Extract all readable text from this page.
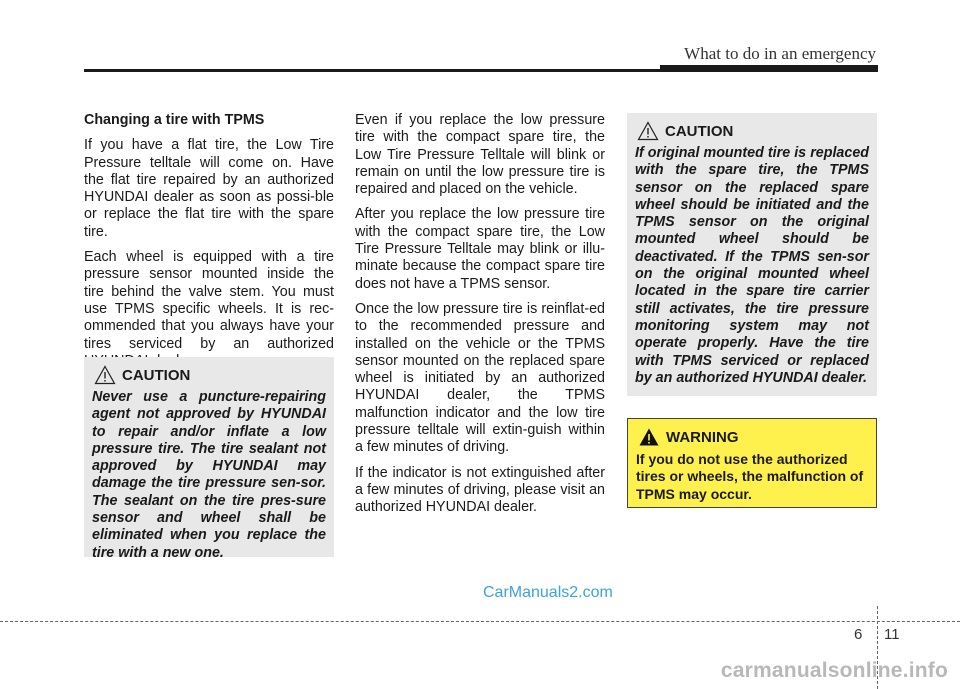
What to do in an emergency

Changing a tire with TPMS

If you have a flat tire, the Low Tire Pressure telltale will come on. Have the flat tire repaired by an authorized HYUNDAI dealer as soon as possi-ble or replace the flat tire with the spare tire.

Each wheel is equipped with a tire pressure sensor mounted inside the tire behind the valve stem. You must use TPMS specific wheels. It is rec-ommended that you always have your tires serviced by an authorized

CAUTION

Never use a puncture-repairing agent not approved by HYUNDAI to repair and/or inflate a low pressure tire. The tire sealant not approved by HYUNDAI may damage the tire pressure sen-sor. The sealant on the tire pres-sure sensor and wheel shall be eliminated when you replace the tire with a new one.

Even if you replace the low pressure tire with the compact spare tire, the Low Tire Pressure Telltale will blink or remain on until the low pressure tire is repaired and placed on the vehicle.

After you replace the low pressure tire with the compact spare tire, the Low Tire Pressure Telltale may blink or illu-minate because the compact spare tire does not have a TPMS sensor.

Once the low pressure tire is reinflat-ed to the recommended pressure and installed on the vehicle or the TPMS sensor mounted on the replaced spare wheel is initiated by an authorized HYUNDAI dealer, the TPMS malfunction indicator and the low tire pressure telltale will extin-guish within a few minutes of driving.

If the indicator is not extinguished after a few minutes of driving, please visit an authorized HYUNDAI dealer.

CAUTION

If original mounted tire is replaced with the spare tire, the TPMS sensor on the replaced spare wheel should be initiated and the TPMS sensor on the original mounted wheel should be deactivated. If the TPMS sen-sor on the original mounted wheel located in the spare tire carrier still activates, the tire pressure monitoring system may not operate properly. Have the tire with TPMS serviced or replaced by an authorized HYUNDAI dealer.

WARNING

If you do not use the authorized tires or wheels, the malfunction of TPMS may occur.

CarManuals2.com
6 11
carmanualsonline.info
